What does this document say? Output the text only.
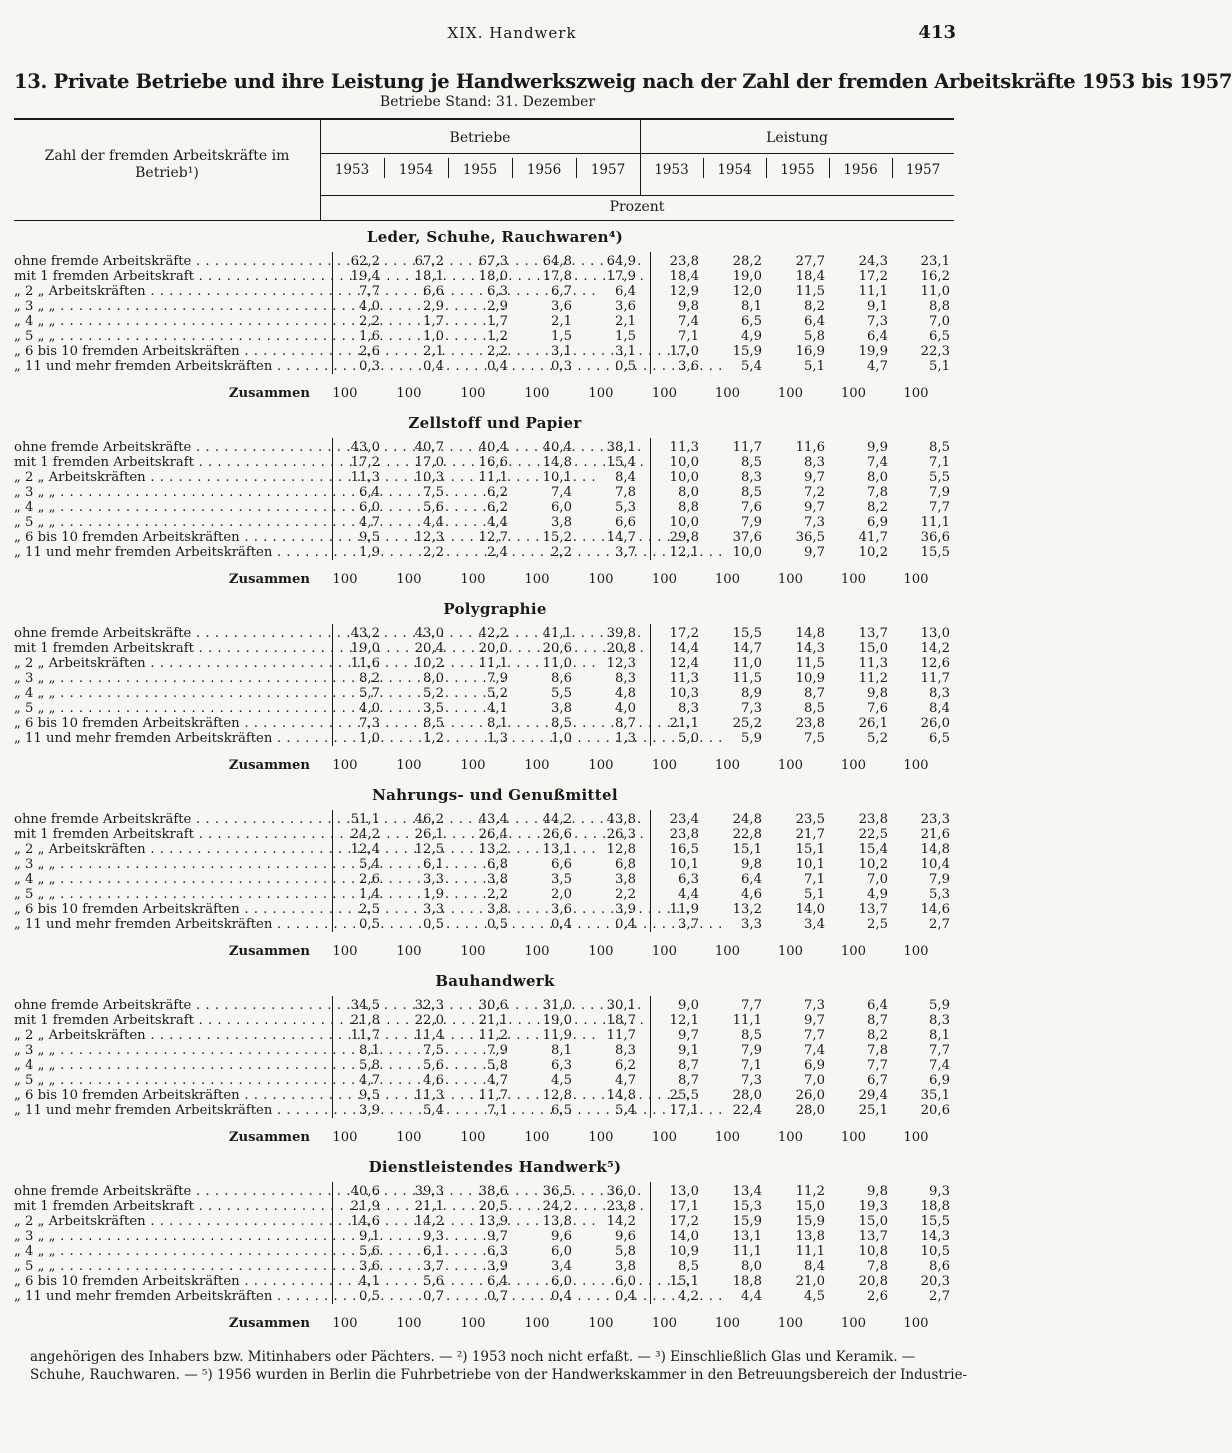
XIX. Handwerk	413
13. Private Betriebe und ihre Leistung je Handwerkszweig nach der Zahl der fremden Arbeitskräfte 1953 bis 1957
Betriebe Stand: 31. Dezember
Zahl der fremden Arbeitskräfte im Betrieb¹)
Betriebe	Leistung
1953	1954	1955	1956	1957	1953	1954	1955	1956	1957
Prozent
Leder, Schuhe, Rauchwaren⁴)
ohne fremde Arbeitskräfte . . .	62,2	67,2	67,3	64,8	64,9	23,8	28,2	27,7	24,3	23,1
mit 1 fremden Arbeitskraft . . .	19,4	18,1	18,0	17,8	17,9	18,4	19,0	18,4	17,2	16,2
„ 2 „ Arbeitskräften . . .	7,7	6,6	6,3	6,7	6,4	12,9	12,0	11,5	11,1	11,0
„ 3 „ „ . . .	4,0	2,9	2,9	3,6	3,6	9,8	8,1	8,2	9,1	8,8
„ 4 „ „ . . .	2,2	1,7	1,7	2,1	2,1	7,4	6,5	6,4	7,3	7,0
„ 5 „ „ . . .	1,6	1,0	1,2	1,5	1,5	7,1	4,9	5,8	6,4	6,5
„ 6 bis 10 fremden Arbeitskräften . . .	2,6	2,1	2,2	3,1	3,1	17,0	15,9	16,9	19,9	22,3
„ 11 und mehr fremden Arbeitskräften . . .	0,3	0,4	0,4	0,3	0,5	3,6	5,4	5,1	4,7	5,1
Zusammen	100	100	100	100	100	100	100	100	100	100
Zellstoff und Papier
ohne fremde Arbeitskräfte . . .	43,0	40,7	40,4	40,4	38,1	11,3	11,7	11,6	9,9	8,5
mit 1 fremden Arbeitskraft . . .	17,2	17,0	16,6	14,8	15,4	10,0	8,5	8,3	7,4	7,1
„ 2 „ Arbeitskräften . . .	11,3	10,3	11,1	10,1	8,4	10,0	8,3	9,7	8,0	5,5
„ 3 „ „ . . .	6,4	7,5	6,2	7,4	7,8	8,0	8,5	7,2	7,8	7,9
„ 4 „ „ . . .	6,0	5,6	6,2	6,0	5,3	8,8	7,6	9,7	8,2	7,7
„ 5 „ „ . . .	4,7	4,4	4,4	3,8	6,6	10,0	7,9	7,3	6,9	11,1
„ 6 bis 10 fremden Arbeitskräften . . .	9,5	12,3	12,7	15,2	14,7	29,8	37,6	36,5	41,7	36,6
„ 11 und mehr fremden Arbeitskräften . . .	1,9	2,2	2,4	2,2	3,7	12,1	10,0	9,7	10,2	15,5
Zusammen	100	100	100	100	100	100	100	100	100	100
Polygraphie
ohne fremde Arbeitskräfte . . .	43,2	43,0	42,2	41,1	39,8	17,2	15,5	14,8	13,7	13,0
mit 1 fremden Arbeitskraft . . .	19,0	20,4	20,0	20,6	20,8	14,4	14,7	14,3	15,0	14,2
„ 2 „ Arbeitskräften . . .	11,6	10,2	11,1	11,0	12,3	12,4	11,0	11,5	11,3	12,6
„ 3 „ „ . . .	8,2	8,0	7,9	8,6	8,3	11,3	11,5	10,9	11,2	11,7
„ 4 „ „ . . .	5,7	5,2	5,2	5,5	4,8	10,3	8,9	8,7	9,8	8,3
„ 5 „ „ . . .	4,0	3,5	4,1	3,8	4,0	8,3	7,3	8,5	7,6	8,4
„ 6 bis 10 fremden Arbeitskräften . . .	7,3	8,5	8,1	8,5	8,7	21,1	25,2	23,8	26,1	26,0
„ 11 und mehr fremden Arbeitskräften . . .	1,0	1,2	1,3	1,0	1,3	5,0	5,9	7,5	5,2	6,5
Zusammen	100	100	100	100	100	100	100	100	100	100
Nahrungs- und Genußmittel
ohne fremde Arbeitskräfte . . .	51,1	46,2	43,4	44,2	43,8	23,4	24,8	23,5	23,8	23,3
mit 1 fremden Arbeitskraft . . .	24,2	26,1	26,4	26,6	26,3	23,8	22,8	21,7	22,5	21,6
„ 2 „ Arbeitskräften . . .	12,4	12,5	13,2	13,1	12,8	16,5	15,1	15,1	15,4	14,8
„ 3 „ „ . . .	5,4	6,1	6,8	6,6	6,8	10,1	9,8	10,1	10,2	10,4
„ 4 „ „ . . .	2,6	3,3	3,8	3,5	3,8	6,3	6,4	7,1	7,0	7,9
„ 5 „ „ . . .	1,4	1,9	2,2	2,0	2,2	4,4	4,6	5,1	4,9	5,3
„ 6 bis 10 fremden Arbeitskräften . . .	2,5	3,3	3,8	3,6	3,9	11,9	13,2	14,0	13,7	14,6
„ 11 und mehr fremden Arbeitskräften . . .	0,5	0,5	0,5	0,4	0,4	3,7	3,3	3,4	2,5	2,7
Zusammen	100	100	100	100	100	100	100	100	100	100
Bauhandwerk
ohne fremde Arbeitskräfte . . .	34,5	32,3	30,6	31,0	30,1	9,0	7,7	7,3	6,4	5,9
mit 1 fremden Arbeitskraft . . .	21,8	22,0	21,1	19,0	18,7	12,1	11,1	9,7	8,7	8,3
„ 2 „ Arbeitskräften . . .	11,7	11,4	11,2	11,9	11,7	9,7	8,5	7,7	8,2	8,1
„ 3 „ „ . . .	8,1	7,5	7,9	8,1	8,3	9,1	7,9	7,4	7,8	7,7
„ 4 „ „ . . .	5,8	5,6	5,8	6,3	6,2	8,7	7,1	6,9	7,7	7,4
„ 5 „ „ . . .	4,7	4,6	4,7	4,5	4,7	8,7	7,3	7,0	6,7	6,9
„ 6 bis 10 fremden Arbeitskräften . . .	9,5	11,3	11,7	12,8	14,8	25,5	28,0	26,0	29,4	35,1
„ 11 und mehr fremden Arbeitskräften . . .	3,9	5,4	7,1	6,5	5,4	17,1	22,4	28,0	25,1	20,6
Zusammen	100	100	100	100	100	100	100	100	100	100
Dienstleistendes Handwerk⁵)
ohne fremde Arbeitskräfte . . .	40,6	39,3	38,6	36,5	36,0	13,0	13,4	11,2	9,8	9,3
mit 1 fremden Arbeitskraft . . .	21,9	21,1	20,5	24,2	23,8	17,1	15,3	15,0	19,3	18,8
„ 2 „ Arbeitskräften . . .	14,6	14,2	13,9	13,8	14,2	17,2	15,9	15,9	15,0	15,5
„ 3 „ „ . . .	9,1	9,3	9,7	9,6	9,6	14,0	13,1	13,8	13,7	14,3
„ 4 „ „ . . .	5,6	6,1	6,3	6,0	5,8	10,9	11,1	11,1	10,8	10,5
„ 5 „ „ . . .	3,6	3,7	3,9	3,4	3,8	8,5	8,0	8,4	7,8	8,6
„ 6 bis 10 fremden Arbeitskräften . . .	4,1	5,6	6,4	6,0	6,0	15,1	18,8	21,0	20,8	20,3
„ 11 und mehr fremden Arbeitskräften . . .	0,5	0,7	0,7	0,4	0,4	4,2	4,4	4,5	2,6	2,7
Zusammen	100	100	100	100	100	100	100	100	100	100
angehörigen des Inhabers bzw. Mitinhabers oder Pächters. — ²) 1953 noch nicht erfaßt. — ³) Einschließlich Glas und Keramik. —
Schuhe, Rauchwaren. — ⁵) 1956 wurden in Berlin die Fuhrbetriebe von der Handwerkskammer in den Betreuungsbereich der Industrie-
